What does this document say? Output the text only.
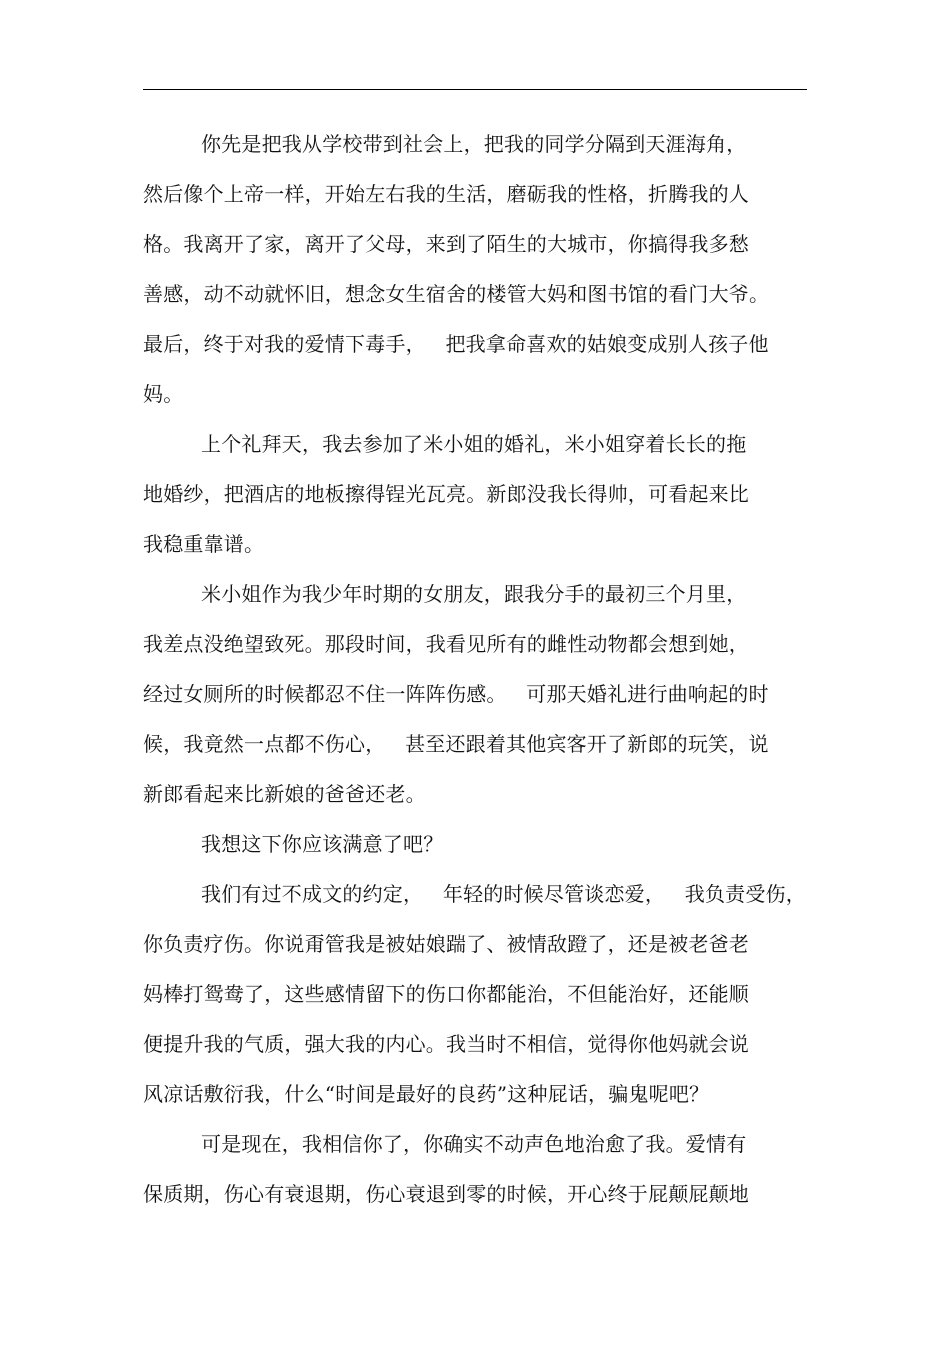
你先是把我从学校带到社会上，把我的同学分隔到天涯海角，
然后像个上帝一样，开始左右我的生活，磨砺我的性格，折腾我的人
格。我离开了家，离开了父母，来到了陌生的大城市，你搞得我多愁
善感，动不动就怀旧，想念女生宿舍的楼管大妈和图书馆的看门大爷。
最后，终于对我的爱情下毒手，   把我拿命喜欢的姑娘变成别人孩子他
妈。
上个礼拜天，我去参加了米小姐的婚礼，米小姐穿着长长的拖
地婚纱，把酒店的地板擦得锃光瓦亮。新郎没我长得帅，可看起来比
我稳重靠谱。
米小姐作为我少年时期的女朋友，跟我分手的最初三个月里，
我差点没绝望致死。那段时间，我看见所有的雌性动物都会想到她，
经过女厕所的时候都忍不住一阵阵伤感。   可那天婚礼进行曲响起的时
候，我竟然一点都不伤心，   甚至还跟着其他宾客开了新郎的玩笑，说
新郎看起来比新娘的爸爸还老。
我想这下你应该满意了吧？
我们有过不成文的约定，   年轻的时候尽管谈恋爱，   我负责受伤，
你负责疗伤。你说甭管我是被姑娘踹了、被情敌蹬了，还是被老爸老
妈棒打鸳鸯了，这些感情留下的伤口你都能治，不但能治好，还能顺
便提升我的气质，强大我的内心。我当时不相信，觉得你他妈就会说
风凉话敷衍我，什么“时间是最好的良药”这种屁话，骗鬼呢吧？
可是现在，我相信你了，你确实不动声色地治愈了我。爱情有
保质期，伤心有衰退期，伤心衰退到零的时候，开心终于屁颠屁颠地
